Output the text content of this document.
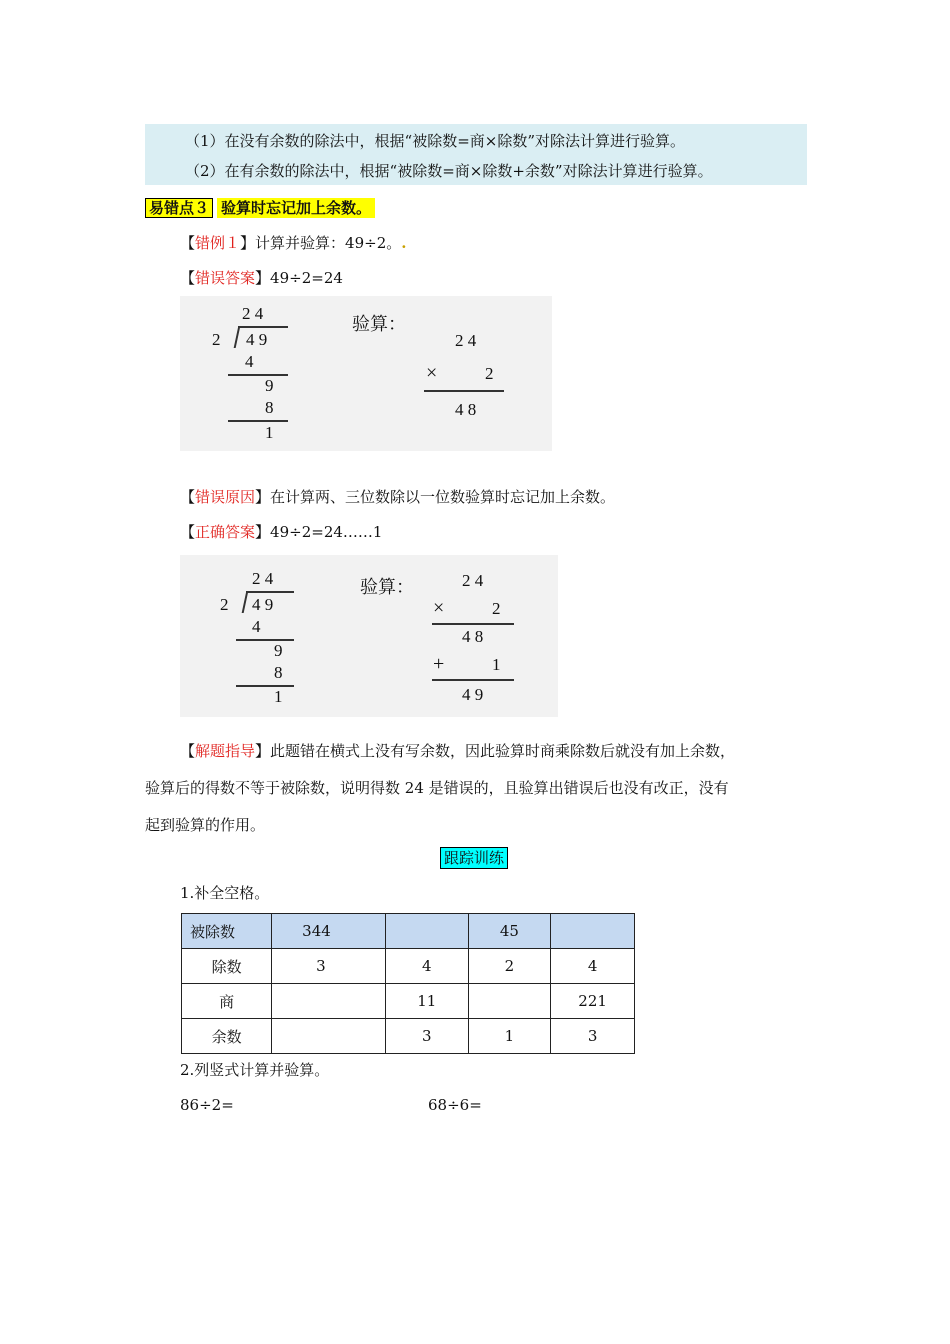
（1）在没有余数的除法中，根据“被除数=商×除数”对除法计算进行验算。
（2）在有余数的除法中，根据“被除数=商×除数+余数”对除法计算进行验算。
易错点３ 验算时忘记加上余数。
【错例１】计算并验算：49÷2。.
【错误答案】49÷2=24
2 4
2 4 9
4
9
8
1
验算：
2 4
×	2
4 8
【错误原因】在计算两、三位数除以一位数验算时忘记加上余数。
【正确答案】49÷2=24……1
2 4
2 4 9
4
9
8
1
验算：	2 4
×	2
4 8
+	1
4 9
【解题指导】此题错在横式上没有写余数，因此验算时商乘除数后就没有加上余数，
验算后的得数不等于被除数，说明得数 24 是错误的，且验算出错误后也没有改正，没有
起到验算的作用。
跟踪训练
1.补全空格。
被除数	344		45	
除数	3	4	2	4
商		11		221
余数		3	1	3
2.列竖式计算并验算。
86÷2=	68÷6=
